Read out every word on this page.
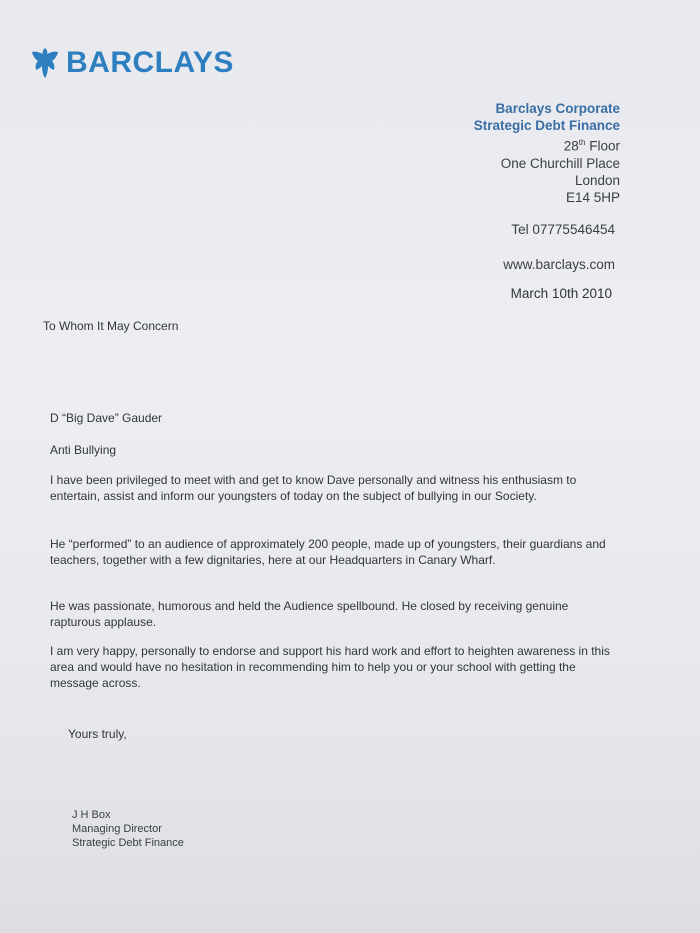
BARCLAYS
Barclays Corporate
Strategic Debt Finance
28th Floor
One Churchill Place
London
E14 5HP
Tel 07775546454
www.barclays.com
March 10th 2010
To Whom It May Concern
D “Big Dave” Gauder
Anti Bullying

I have been privileged to meet with and get to know Dave personally and witness his enthusiasm to entertain, assist and inform our youngsters of today on the subject of bullying in our Society.

He “performed” to an audience of approximately 200 people, made up of youngsters, their guardians and teachers, together with a few dignitaries, here at our Headquarters in Canary Wharf.

He was passionate, humorous and held the Audience spellbound. He closed by receiving genuine rapturous applause.

I am very happy, personally to endorse and support his hard work and effort to heighten awareness in this area and would have no hesitation in recommending him to help you or your school with getting the message across.

Yours truly,
J H Box
Managing Director
Strategic Debt Finance
